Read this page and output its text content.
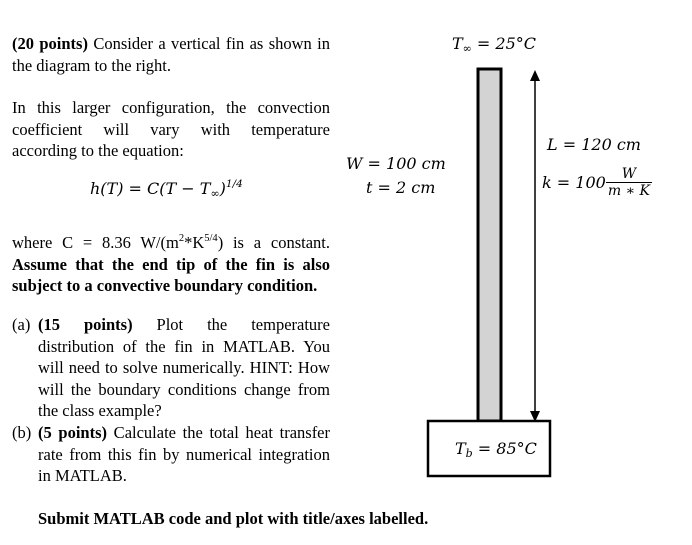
(20 points) Consider a vertical fin as shown in the diagram to the right.
In this larger configuration, the convection coefficient will vary with temperature according to the equation:
$h(T) = C(T - T_\infty)^{1/4}$
where C = 8.36 $W/(m^2*K^{5/4})$ is a constant. Assume that the end tip of the fin is also subject to a convective boundary condition.
(a) (15 points) Plot the temperature distribution of the fin in MATLAB. You will need to solve numerically. HINT: How will the boundary conditions change from the class example?
(b) (5 points) Calculate the total heat transfer rate from this fin by numerical integration in MATLAB.
Submit MATLAB code and plot with title/axes labelled.
$T_\infty = 25^\circ C$
W = 100 cm
t = 2 cm
L = 120 cm
$k = 100 \frac{W}{m ∗ K}$
$T_b = 85^\circ C$
